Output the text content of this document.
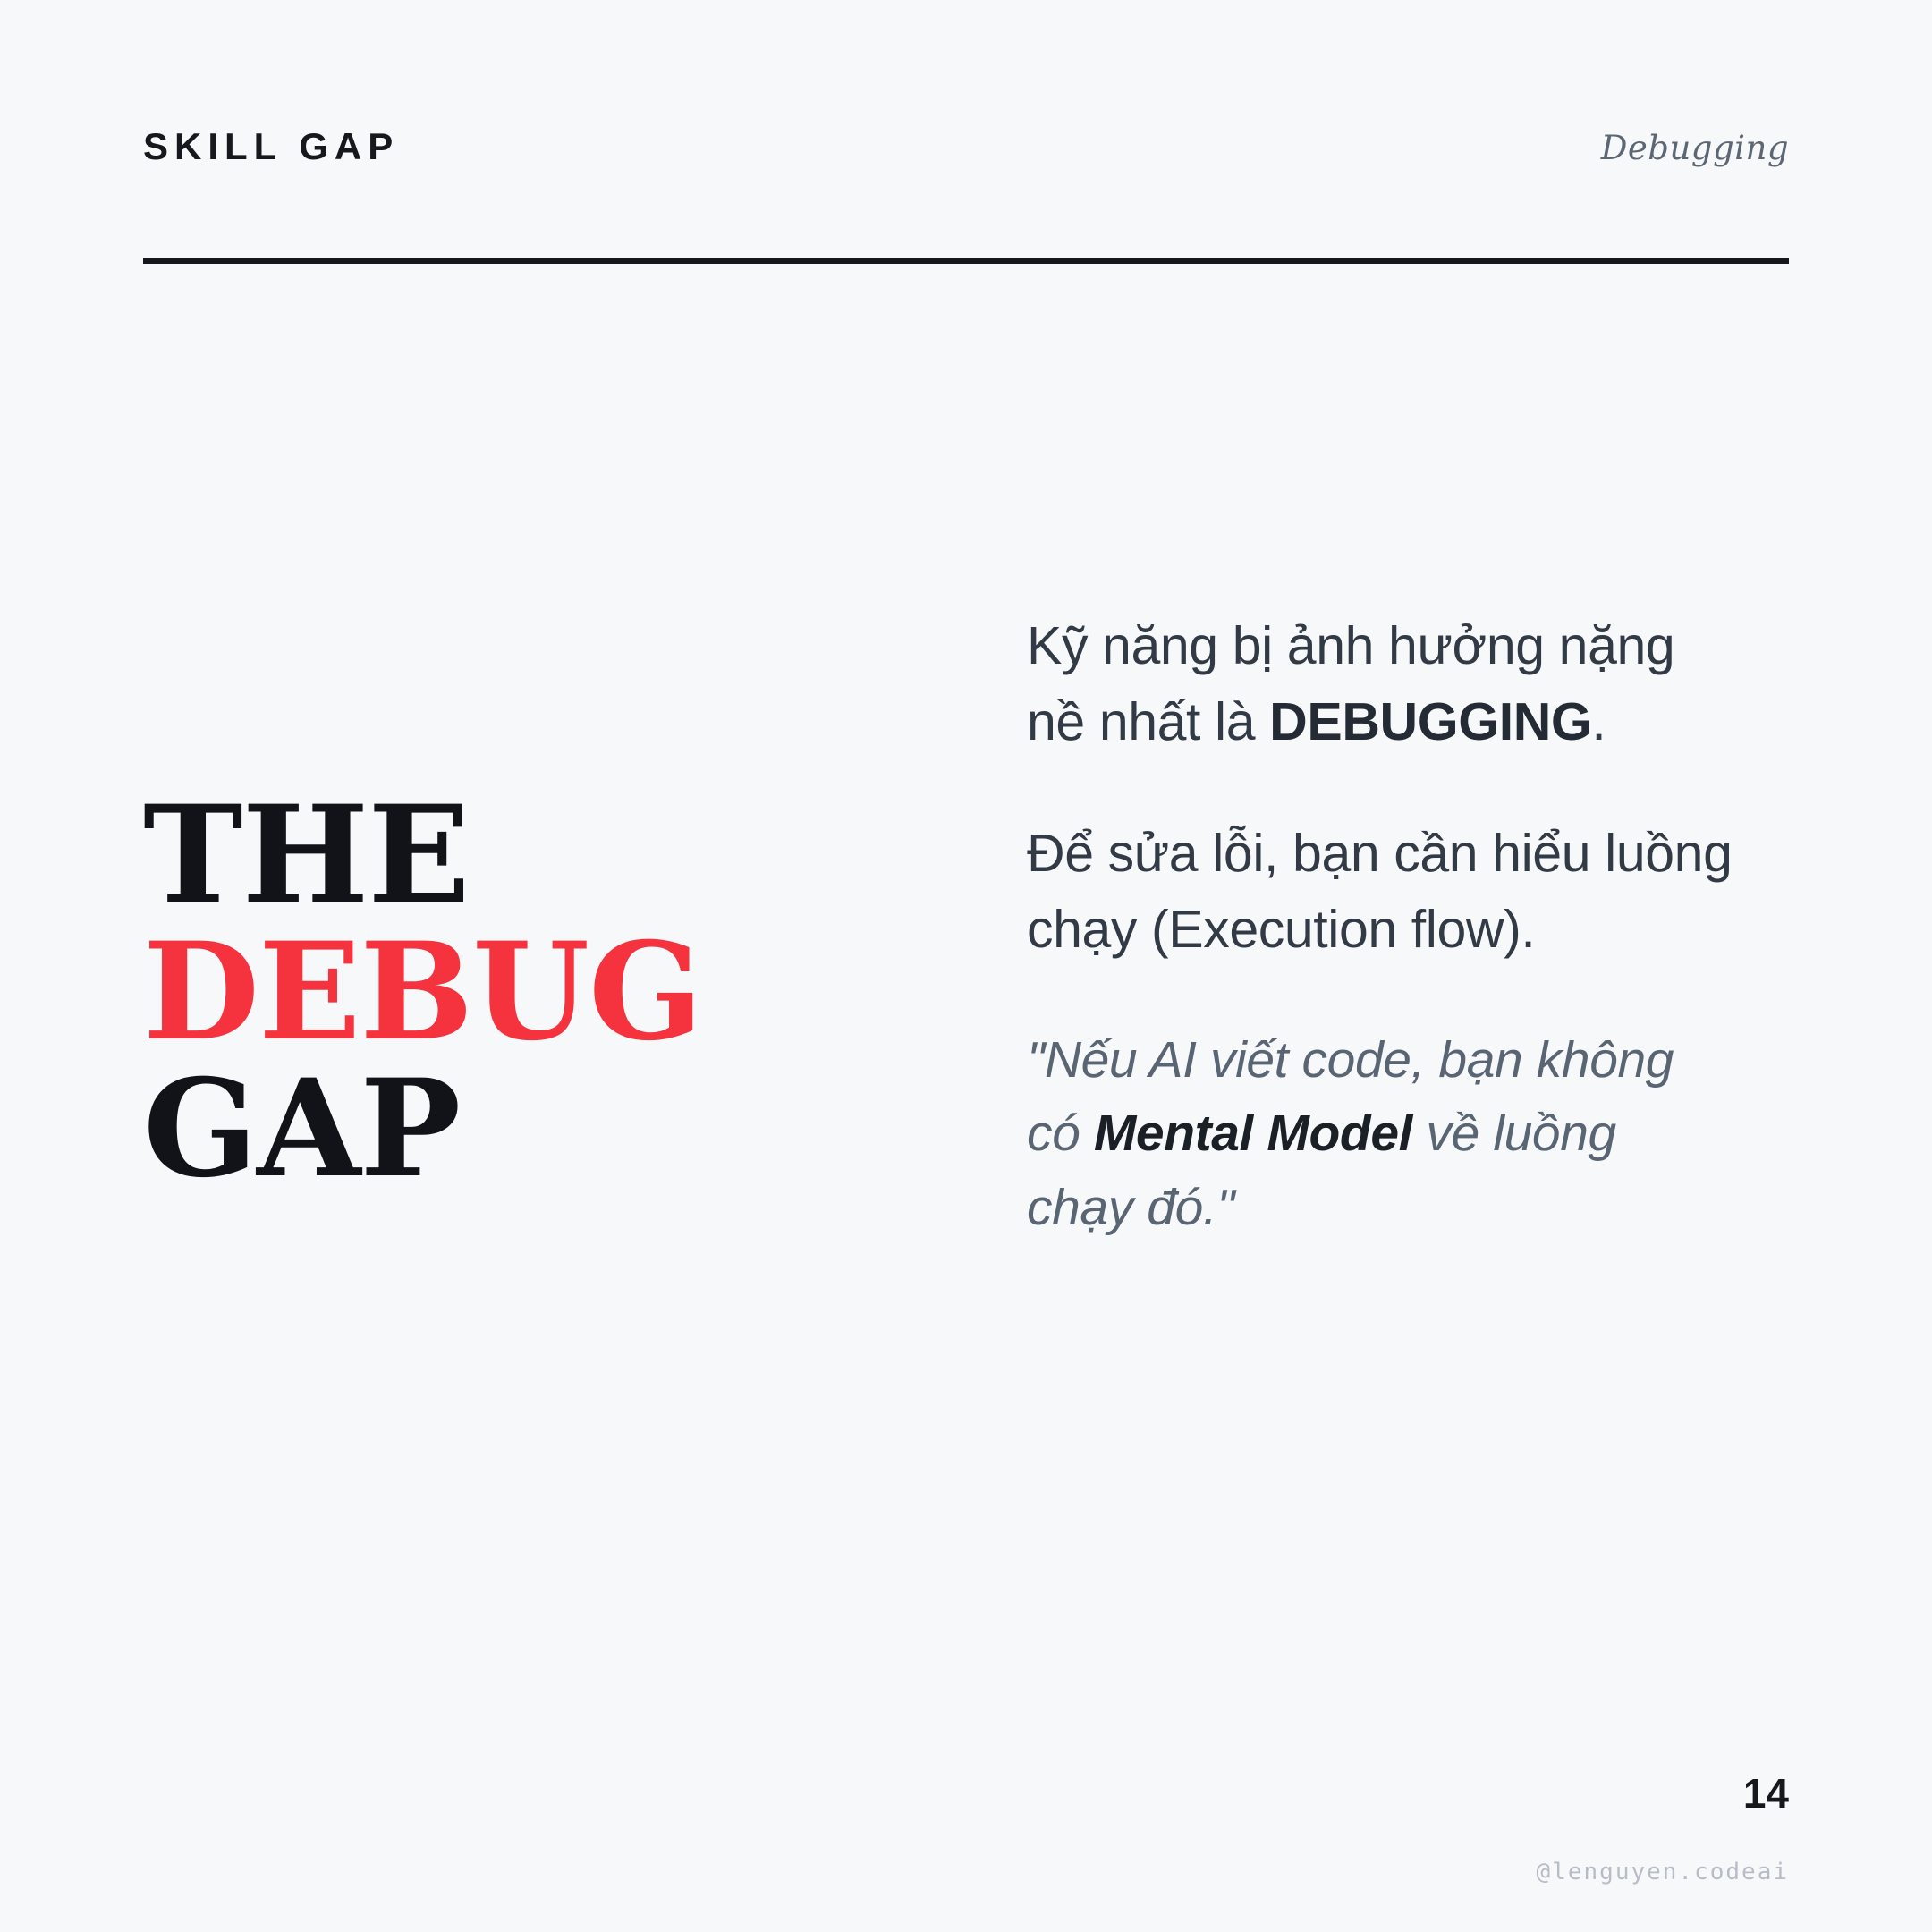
SKILL GAP	Debugging
THE
DEBUG
GAP

Kỹ năng bị ảnh hưởng nặng nề nhất là DEBUGGING.

Để sửa lỗi, bạn cần hiểu luồng chạy (Execution flow).

"Nếu AI viết code, bạn không có Mental Model về luồng chạy đó."

14
@lenguyen.codeai
